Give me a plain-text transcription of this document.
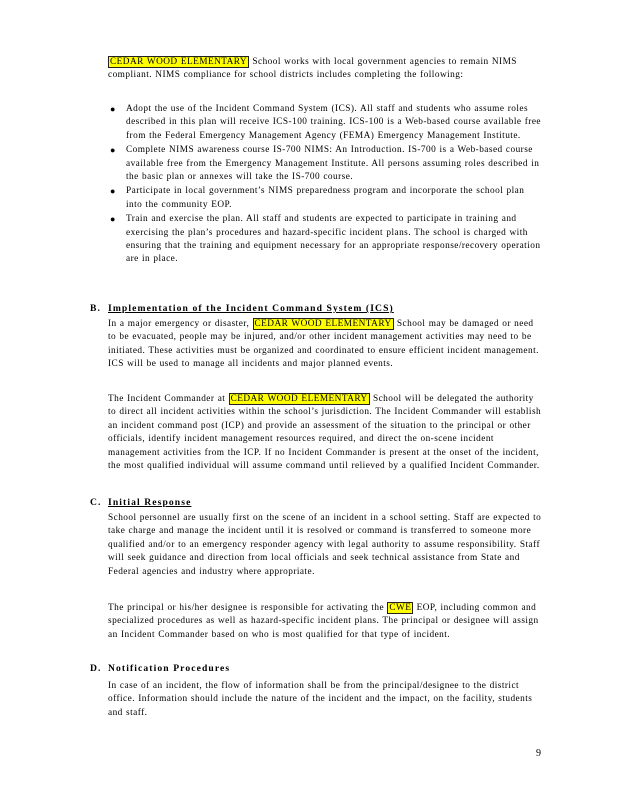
CEDAR WOOD ELEMENTARY School works with local government agencies to remain NIMS compliant. NIMS compliance for school districts includes completing the following:

● Adopt the use of the Incident Command System (ICS). All staff and students who assume roles described in this plan will receive ICS-100 training. ICS-100 is a Web-based course available free from the Federal Emergency Management Agency (FEMA) Emergency Management Institute.
● Complete NIMS awareness course IS-700 NIMS: An Introduction. IS-700 is a Web-based course available free from the Emergency Management Institute. All persons assuming roles described in the basic plan or annexes will take the IS-700 course.
● Participate in local government’s NIMS preparedness program and incorporate the school plan into the community EOP.
● Train and exercise the plan. All staff and students are expected to participate in training and exercising the plan’s procedures and hazard-specific incident plans. The school is charged with ensuring that the training and equipment necessary for an appropriate response/recovery operation are in place.
B. Implementation of the Incident Command System (ICS)

In a major emergency or disaster, CEDAR WOOD ELEMENTARY School may be damaged or need to be evacuated, people may be injured, and/or other incident management activities may need to be initiated. These activities must be organized and coordinated to ensure efficient incident management. ICS will be used to manage all incidents and major planned events.

The Incident Commander at CEDAR WOOD ELEMENTARY School will be delegated the authority to direct all incident activities within the school’s jurisdiction. The Incident Commander will establish an incident command post (ICP) and provide an assessment of the situation to the principal or other officials, identify incident management resources required, and direct the on-scene incident management activities from the ICP. If no Incident Commander is present at the onset of the incident, the most qualified individual will assume command until relieved by a qualified Incident Commander.

C. Initial Response

School personnel are usually first on the scene of an incident in a school setting. Staff are expected to take charge and manage the incident until it is resolved or command is transferred to someone more qualified and/or to an emergency responder agency with legal authority to assume responsibility. Staff will seek guidance and direction from local officials and seek technical assistance from State and Federal agencies and industry where appropriate.

The principal or his/her designee is responsible for activating the CWE EOP, including common and specialized procedures as well as hazard-specific incident plans. The principal or designee will assign an Incident Commander based on who is most qualified for that type of incident.

D. Notification Procedures

In case of an incident, the flow of information shall be from the principal/designee to the district office. Information should include the nature of the incident and the impact, on the facility, students and staff.

9
